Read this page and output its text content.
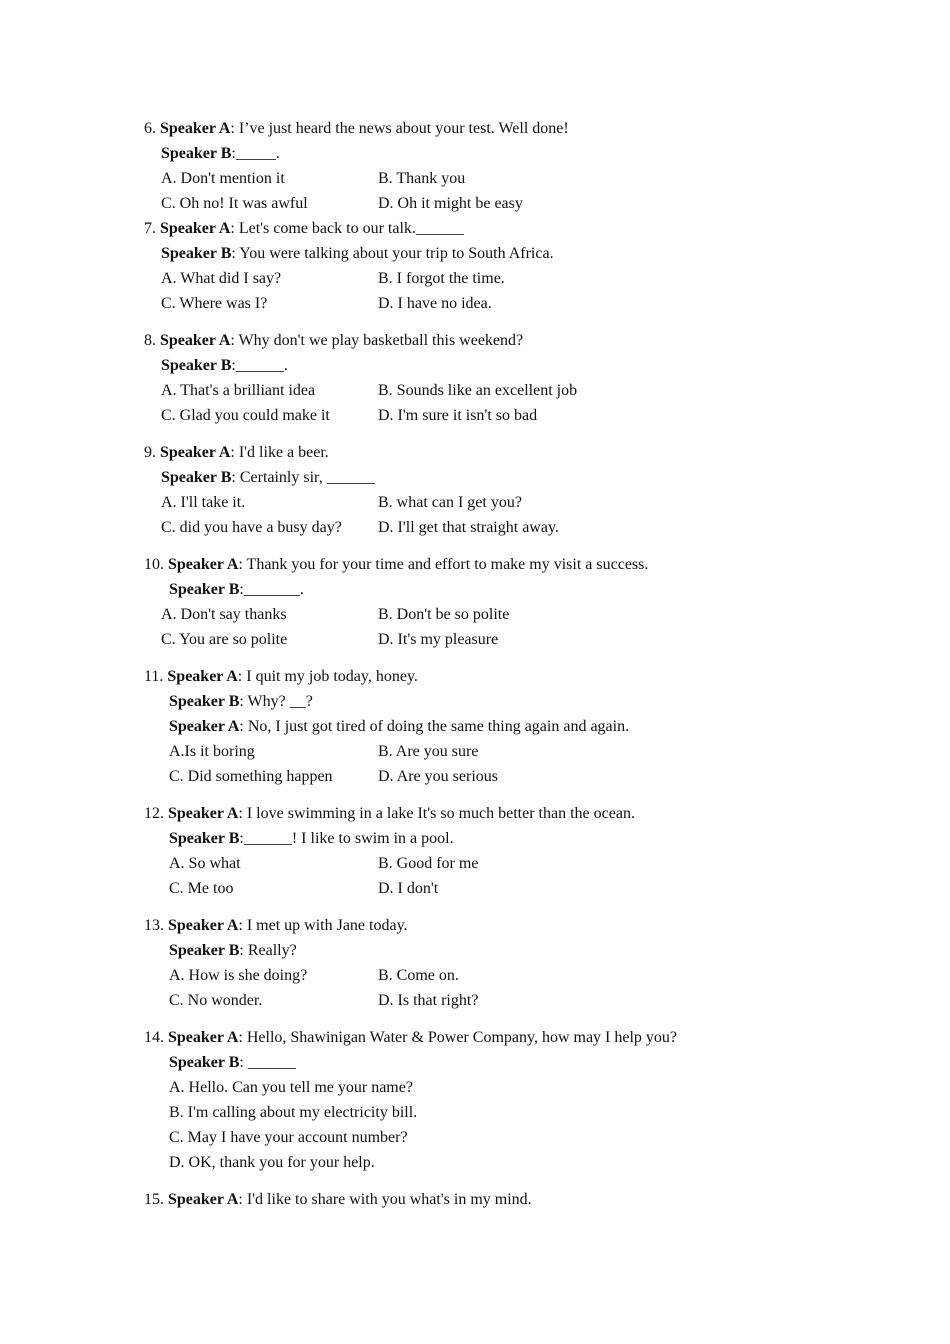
6. Speaker A: I’ve just heard the news about your test. Well done!
Speaker B:_____.
A. Don't mention it	B. Thank you
C. Oh no! It was awful	D. Oh it might be easy
7. Speaker A: Let's come back to our talk.______
Speaker B: You were talking about your trip to South Africa.
A. What did I say?	B. I forgot the time.
C. Where was I?	D. I have no idea.
8. Speaker A: Why don't we play basketball this weekend?
Speaker B:______.
A. That's a brilliant idea	B. Sounds like an excellent job
C. Glad you could make it	D. I'm sure it isn't so bad
9. Speaker A: I'd like a beer.
Speaker B: Certainly sir, ______
A. I'll take it.	B. what can I get you?
C. did you have a busy day? D. I'll get that straight away.
10. Speaker A: Thank you for your time and effort to make my visit a success.
Speaker B:_______.
A. Don't say thanks	B. Don't be so polite
C. You are so polite	D. It's my pleasure
11. Speaker A: I quit my job today, honey.
Speaker B: Why? __?
Speaker A: No, I just got tired of doing the same thing again and again.
A.Is it boring	B. Are you sure
C. Did something happen	D. Are you serious
12. Speaker A: I love swimming in a lake It's so much better than the ocean.
Speaker B:______! I like to swim in a pool.
A. So what	B. Good for me
C. Me too	D. I don't
13. Speaker A: I met up with Jane today.
Speaker B: Really?
A. How is she doing?	B. Come on.
C. No wonder.	D. Is that right?
14. Speaker A: Hello, Shawinigan Water & Power Company, how may I help you?
Speaker B: ______
A. Hello. Can you tell me your name?
B. I'm calling about my electricity bill.
C. May I have your account number?
D. OK, thank you for your help.
15. Speaker A: I'd like to share with you what's in my mind.
